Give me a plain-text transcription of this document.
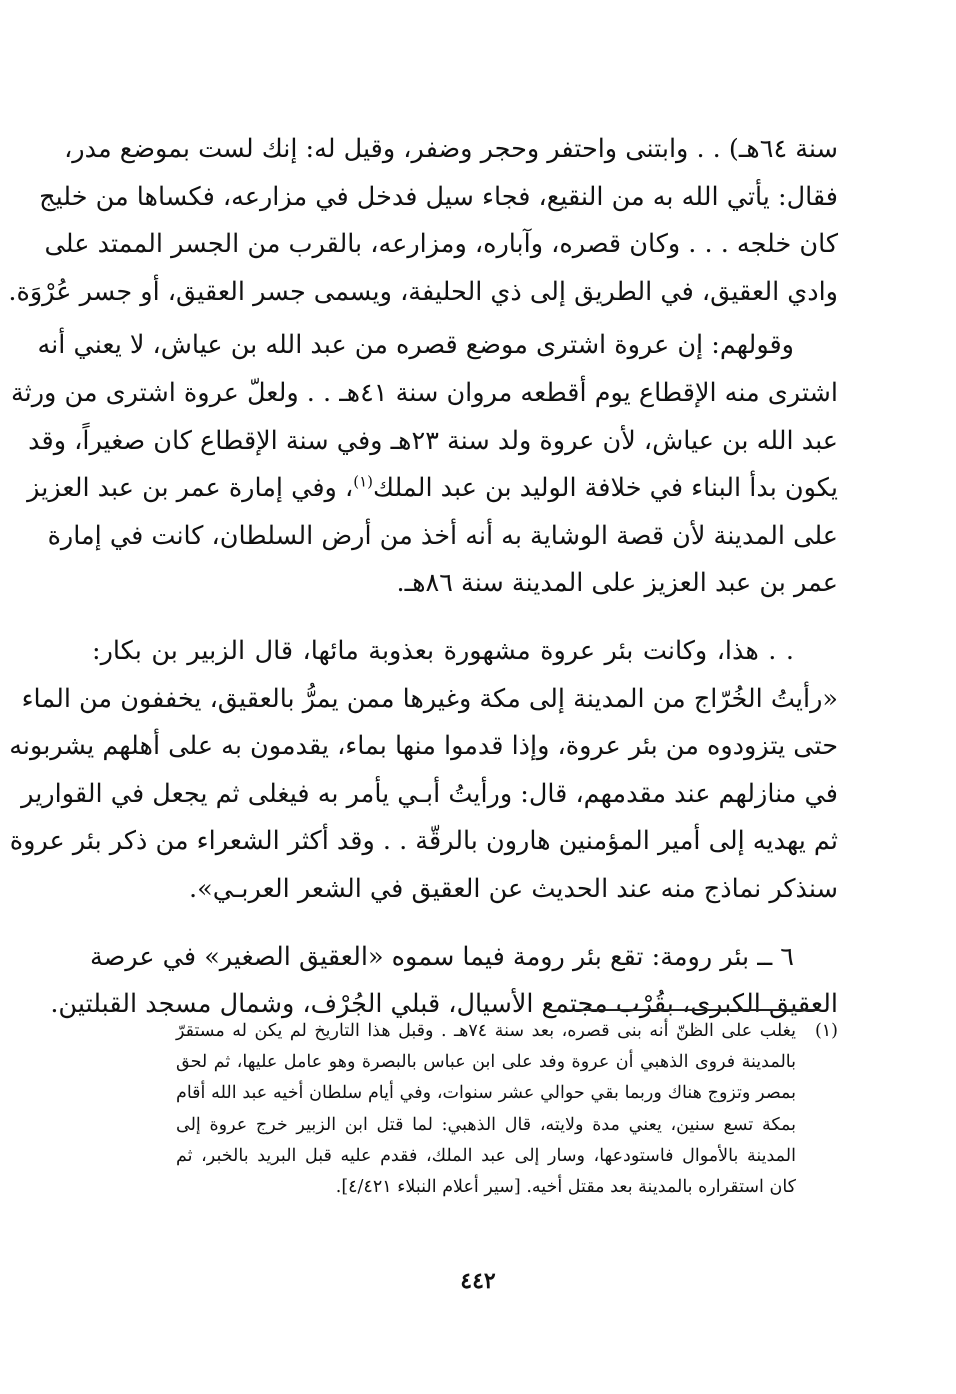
سنة ٦٤هـ) . . وابتنى واحتفر وحجر وضفر، وقيل له: إنك لست بموضع مدر،
فقال: يأتي الله به من النقيع، فجاء سيل فدخل في مزارعه، فكساها من خليج
كان خلجه . . . وكان قصره، وآباره، ومزارعه، بالقرب من الجسر الممتد على
وادي العقيق، في الطريق إلى ذي الحليفة، ويسمى جسر العقيق، أو جسر عُرْوَة.
وقولهم: إن عروة اشترى موضع قصره من عبد الله بن عياش، لا يعني أنه
اشترى منه الإقطاع يوم أقطعه مروان سنة ٤١هـ . . ولعلّ عروة اشترى من ورثة
عبد الله بن عياش، لأن عروة ولد سنة ٢٣هـ وفي سنة الإقطاع كان صغيراً، وقد
يكون بدأ البناء في خلافة الوليد بن عبد الملك$^{(١)}$، وفي إمارة عمر بن عبد العزيز
على المدينة لأن قصة الوشاية به أنه أخذ من أرض السلطان، كانت في إمارة
عمر بن عبد العزيز على المدينة سنة ٨٦هـ.
. . هذا، وكانت بئر عروة مشهورة بعذوبة مائها، قال الزبير بن بكار:
«رأيتُ الخُرّاج من المدينة إلى مكة وغيرها ممن يمرُّ بالعقيق، يخففون من الماء
حتى يتزودوه من بئر عروة، وإذا قدموا منها بماء، يقدمون به على أهلهم يشربونه
في منازلهم عند مقدمهم، قال: ورأيتُ أبـي يأمر به فيغلى ثم يجعل في القوارير
ثم يهديه إلى أمير المؤمنين هارون بالرقّة . . وقد أكثر الشعراء من ذكر بئر عروة
سنذكر نماذج منه عند الحديث عن العقيق في الشعر العربـي».
٦ ــ بئر رومة: تقع بئر رومة فيما سموه «العقيق الصغير» في عرصة
العقيق الكبرى، بقُرْب مجتمع الأسيال، قبلي الجُرْف، وشمال مسجد القبلتين.
(١)
يغلب على الظنّ أنه بنى قصره، بعد سنة ٧٤هـ . وقبل هذا التاريخ لم يكن له مستقرّ
بالمدينة فروى الذهبي أن عروة وفد على ابن عباس بالبصرة وهو عامل عليها، ثم لحق
بمصر وتزوج هناك وربما بقي حوالي عشر سنوات، وفي أيام سلطان أخيه عبد الله أقام
بمكة تسع سنين، يعني مدة ولايته، قال الذهبي: لما قتل ابن الزبير خرج عروة إلى
المدينة بالأموال فاستودعها، وسار إلى عبد الملك، فقدم عليه قبل البريد بالخبر، ثم
كان استقراره بالمدينة بعد مقتل أخيه. [سير أعلام النبلاء ٤/٤٢١].
٤٤٢
